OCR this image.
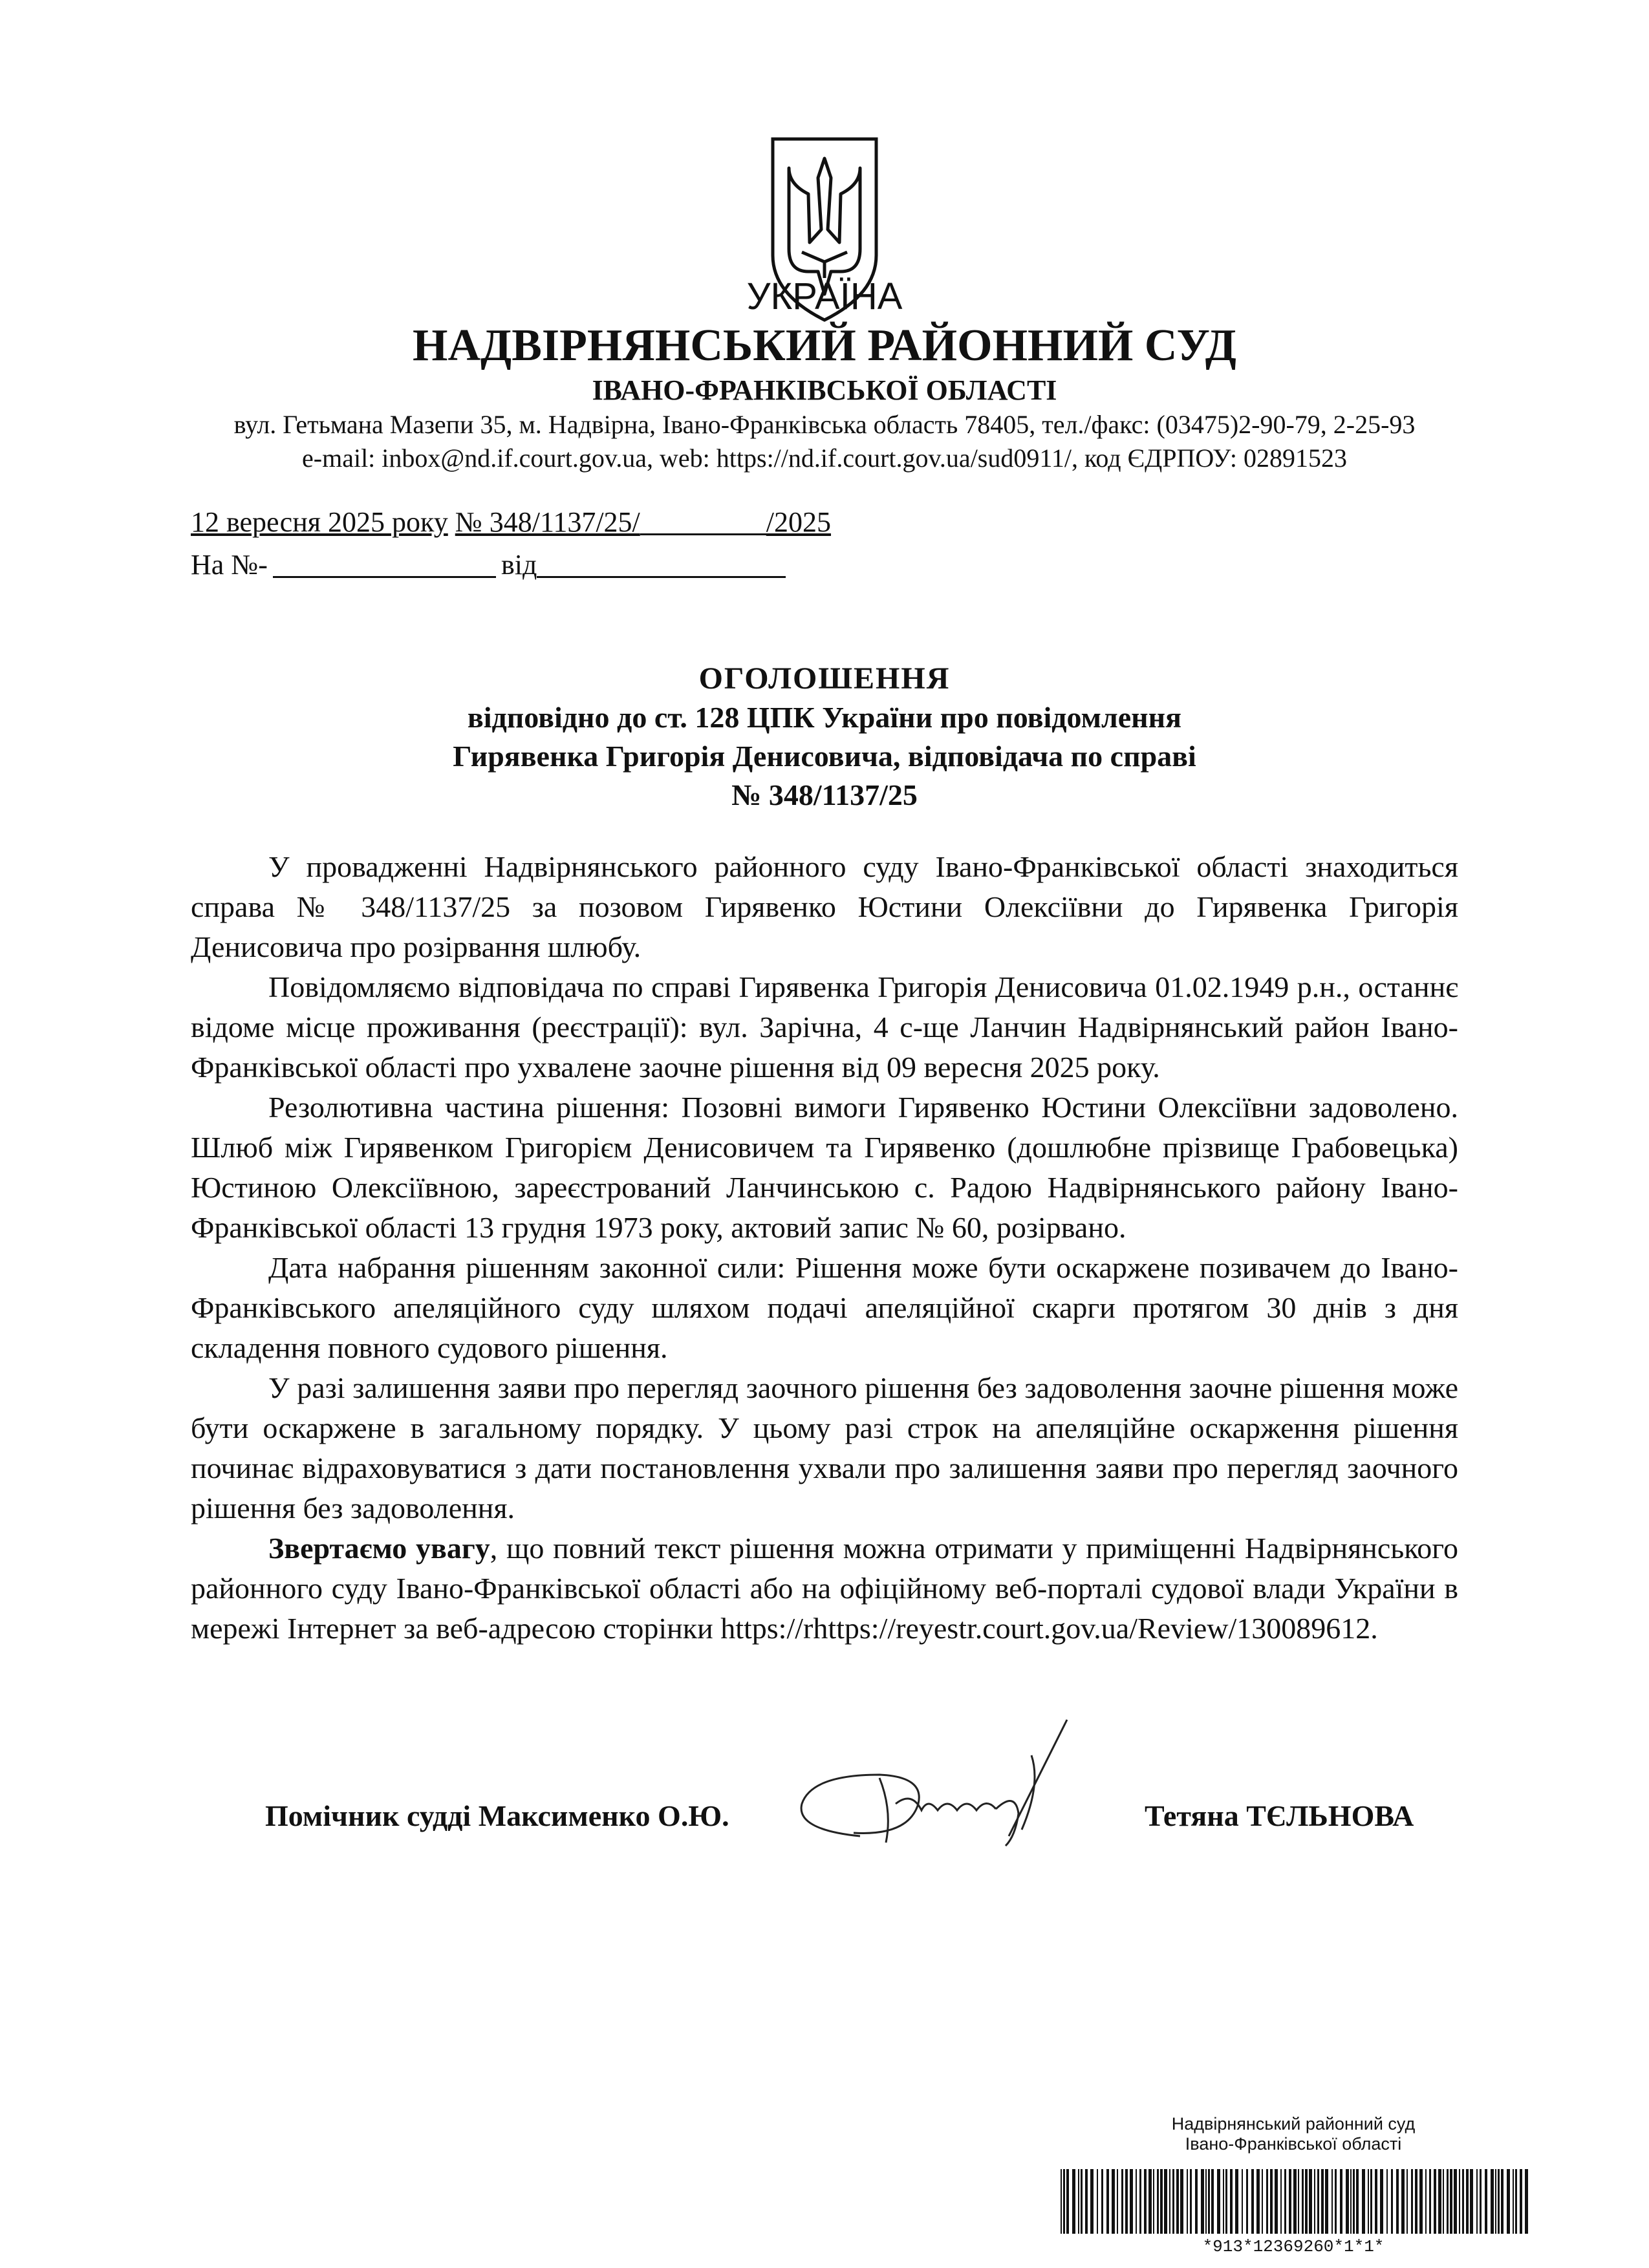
УКРАЇНА
НАДВІРНЯНСЬКИЙ РАЙОННИЙ СУД
ІВАНО-ФРАНКІВСЬКОЇ ОБЛАСТІ
вул. Гетьмана Мазепи 35, м. Надвірна, Івано-Франківська область 78405, тел./факс: (03475)2-90-79, 2-25-93
e-mail: inbox@nd.if.court.gov.ua, web: https://nd.if.court.gov.ua/sud0911/, код ЄДРПОУ: 02891523
12 вересня 2025 року № 348/1137/25/	/2025
На №-	від
ОГОЛОШЕННЯ
відповідно до ст. 128 ЦПК України про повідомлення
Гирявенка Григорія Денисовича, відповідача по справі
№ 348/1137/25

У провадженні Надвірнянського районного суду Івано-Франківської області знаходиться справа № 348/1137/25 за позовом Гирявенко Юстини Олексіївни до Гирявенка Григорія Денисовича про розірвання шлюбу.

Повідомляємо відповідача по справі Гирявенка Григорія Денисовича 01.02.1949 р.н., останнє відоме місце проживання (реєстрації): вул. Зарічна, 4 с-ще Ланчин Надвірнянський район Івано-Франківської області про ухвалене заочне рішення від 09 вересня 2025 року.

Резолютивна частина рішення: Позовні вимоги Гирявенко Юстини Олексіївни задоволено. Шлюб між Гирявенком Григорієм Денисовичем та Гирявенко (дошлюбне прізвище Грабовецька) Юстиною Олексіївною, зареєстрований Ланчинською с. Радою Надвірнянського району Івано-Франківської області 13 грудня 1973 року, актовий запис № 60, розірвано.

Дата набрання рішенням законної сили: Рішення може бути оскаржене позивачем до Івано-Франківського апеляційного суду шляхом подачі апеляційної скарги протягом 30 днів з дня складення повного судового рішення.

У разі залишення заяви про перегляд заочного рішення без задоволення заочне рішення може бути оскаржене в загальному порядку. У цьому разі строк на апеляційне оскарження рішення починає відраховуватися з дати постановлення ухвали про залишення заяви про перегляд заочного рішення без задоволення.

Звертаємо увагу, що повний текст рішення можна отримати у приміщенні Надвірнянського районного суду Івано-Франківської області або на офіційному веб-порталі судової влади України в мережі Інтернет за веб-адресою сторінки https://rhttps://reyestr.court.gov.ua/Review/130089612.

Помічник судді Максименко О.Ю.	Тетяна ТЄЛЬНОВА
Надвірнянський районний суд
Івано-Франківської області
*913*12369260*1*1*
